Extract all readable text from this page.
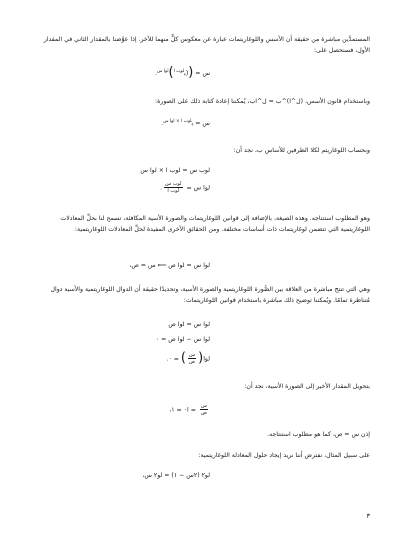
المستمدَّين مباشرة من حقيقة أن الأسس واللوغاريتمات عبارة عن معكوس كلٍّ منهما للآخر. إذا عوَّضنا بالمقدار الثاني في المقدار الأول، فسنحصل على:

س = ((ب$^{لوب ا}$)$^{لوا س}$.

وباستخدام قانون الأسس، (ل^ا)^ب = ل^اب، يُمكننا إعادة كتابة ذلك على الصورة:

س = ب$^{لوب ا \times لوا س}$.

وبحساب اللوغاريتم لكلا الطرفين للأساس ب، نجد أن:

لوب س = لوب ا × لوا س
لوا س =
$\frac{\text{لوب س}}{\text{لوب ا}}$
.

وهو المطلوب استنتاجه. وهذه الصيغة، بالإضافة إلى قوانين اللوغاريتمات والصورة الأسية المكافئة، تسمح لنا بحلِّ المعادلات اللوغاريتمية التي تتضمن لوغاريتمات ذات أساسات مختلفة. ومن الحقائق الأخرى المفيدة لحلِّ المعادلات اللوغاريتمية:

لوا س = لوا ص ⟸ س = ص،

وهي التي تنتج مباشرة من العلاقة بين الصُّورة اللوغاريتمية والصورة الأسية، وتحديدًا حقيقة أن الدوال اللوغاريتمية والأسية دوال مُتناظرة تمامًا. ويُمكننا توضيح ذلك مباشرة باستخدام قوانين اللوغاريتمات:

لوا س = لوا ص
لوا س − لوا ص = ٠
لوا(
$\frac{\text{س}}{\text{ص}}$
) = ٠.

بتحويل المقدار الأخير إلى الصورة الأسية، نجد أن:

$\frac{\text{س}}{\text{ص}}$
= ا٠ = ١،

إذن س = ص، كما هو مطلوب استنتاجه.

على سبيل المثال، نفترض أننا نريد إيجاد حلول المعادلة اللوغاريتمية:

لو٢ (٢س − ١) = لو٢ س،
٣
